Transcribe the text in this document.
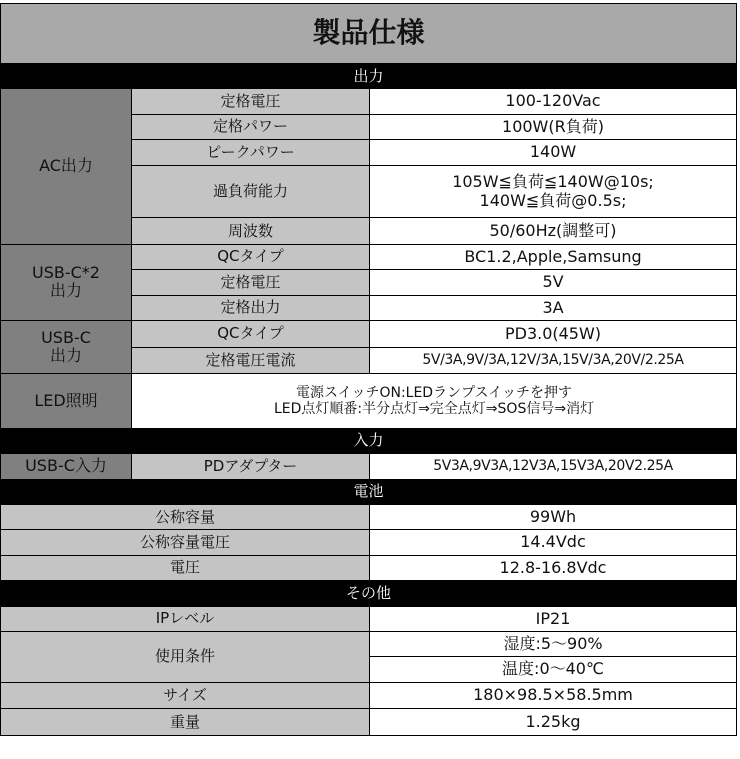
製品仕様		
出力		
AC出力	定格電圧	100-120Vac
	定格パワー	100W(R負荷)
	ピークパワー	140W
	過負荷能力	105W≦負荷≦140W@10s;
140W≦負荷@0.5s;

	周波数	50/60Hz(調整可)

USB-C*2
出力	QCタイプ	BC1.2,Apple,Samsung
	定格電圧	5V
	定格出力	3A

USB-C
出力	QCタイプ	PD3.0(45W)
	定格電圧電流	5V/3A,9V/3A,12V/3A,15V/3A,20V/2.25A
LED照明	電源スイッチON:LEDランプスイッチを押す
LED点灯順番:半分点灯⇒完全点灯⇒SOS信号⇒消灯	

入力		
USB-C入力	PDアダプター	5V3A,9V3A,12V3A,15V3A,20V2.25A
電池		
公称容量		99Wh
公称容量電圧		14.4Vdc
電圧		12.8-16.8Vdc
その他		
IPレベル		IP21
使用条件		湿度:5〜90%
		温度:0〜40℃
サイズ		180×98.5×58.5mm
重量		1.25kg
